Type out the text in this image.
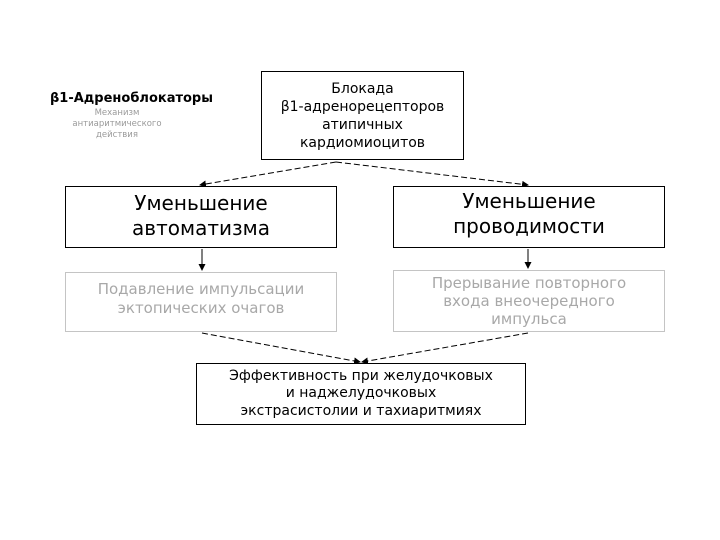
β1-Адреноблокаторы
Механизм антиаритмического действия
Блокада
β1-адренорецепторов
атипичных
кардиомиоцитов
Уменьшение
автоматизма
Уменьшение
проводимости
Подавление импульсации
эктопических очагов
Прерывание повторного
входа внеочередного
импульса
Эффективность при желудочковых
и наджелудочковых
экстрасистолии и тахиаритмиях
